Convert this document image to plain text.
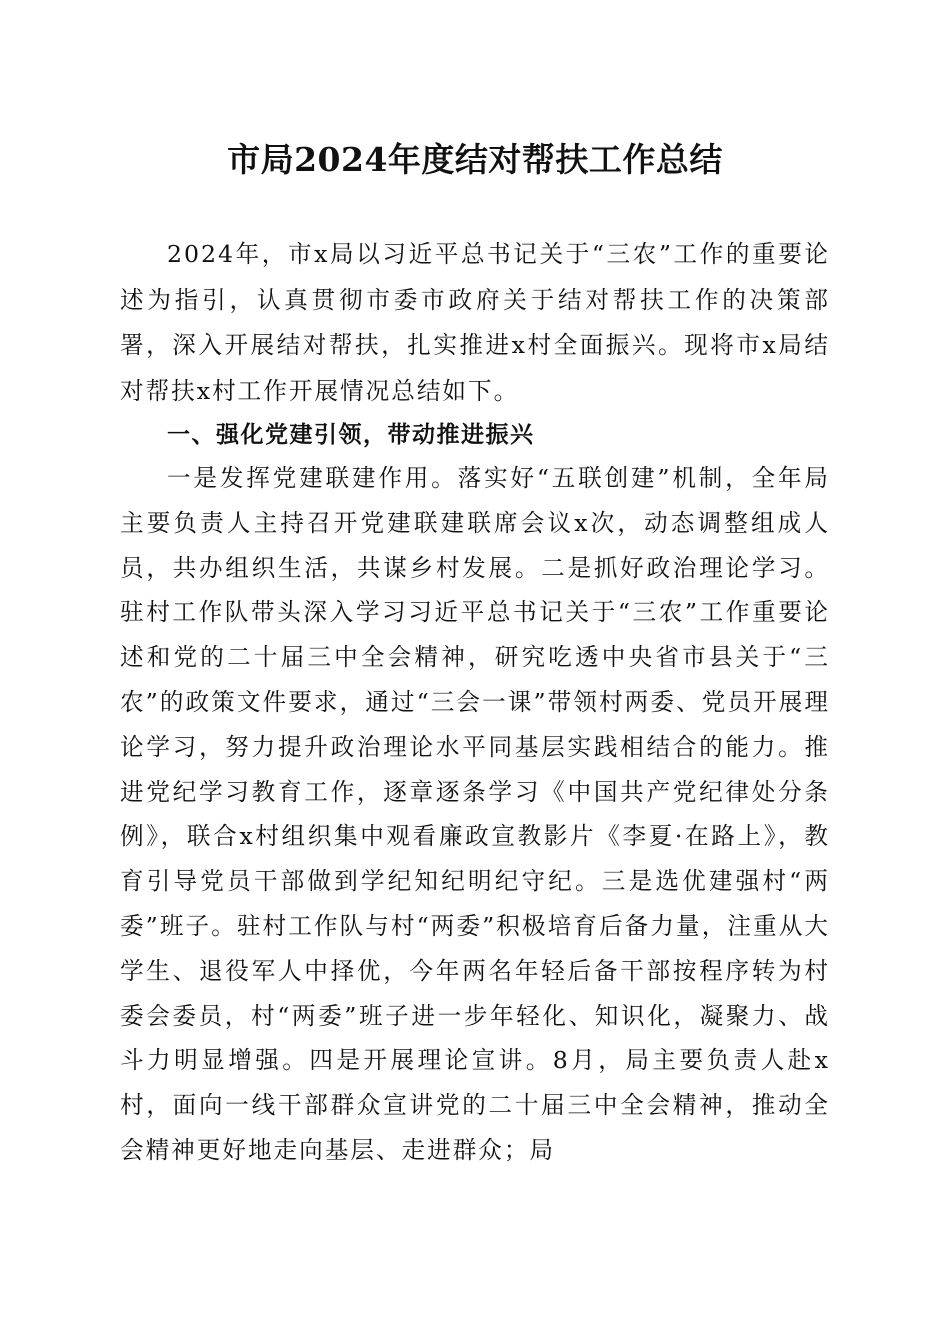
市局2024年度结对帮扶工作总结

2024年，市x局以习近平总书记关于“三农”工作的重要论述为指引，认真贯彻市委市政府关于结对帮扶工作的决策部署，深入开展结对帮扶，扎实推进x村全面振兴。现将市x局结对帮扶x村工作开展情况总结如下。

一、强化党建引领，带动推进振兴

一是发挥党建联建作用。落实好“五联创建”机制，全年局主要负责人主持召开党建联建联席会议x次，动态调整组成人员，共办组织生活，共谋乡村发展。二是抓好政治理论学习。驻村工作队带头深入学习习近平总书记关于“三农”工作重要论述和党的二十届三中全会精神，研究吃透中央省市县关于“三农”的政策文件要求，通过“三会一课”带领村两委、党员开展理论学习，努力提升政治理论水平同基层实践相结合的能力。推进党纪学习教育工作，逐章逐条学习《中国共产党纪律处分条例》，联合x村组织集中观看廉政宣教影片《李夏·在路上》，教育引导党员干部做到学纪知纪明纪守纪。三是选优建强村“两委”班子。驻村工作队与村“两委”积极培育后备力量，注重从大学生、退役军人中择优，今年两名年轻后备干部按程序转为村委会委员，村“两委”班子进一步年轻化、知识化，凝聚力、战斗力明显增强。四是开展理论宣讲。8月，局主要负责人赴x村，面向一线干部群众宣讲党的二十届三中全会精神，推动全会精神更好地走向基层、走进群众；局
